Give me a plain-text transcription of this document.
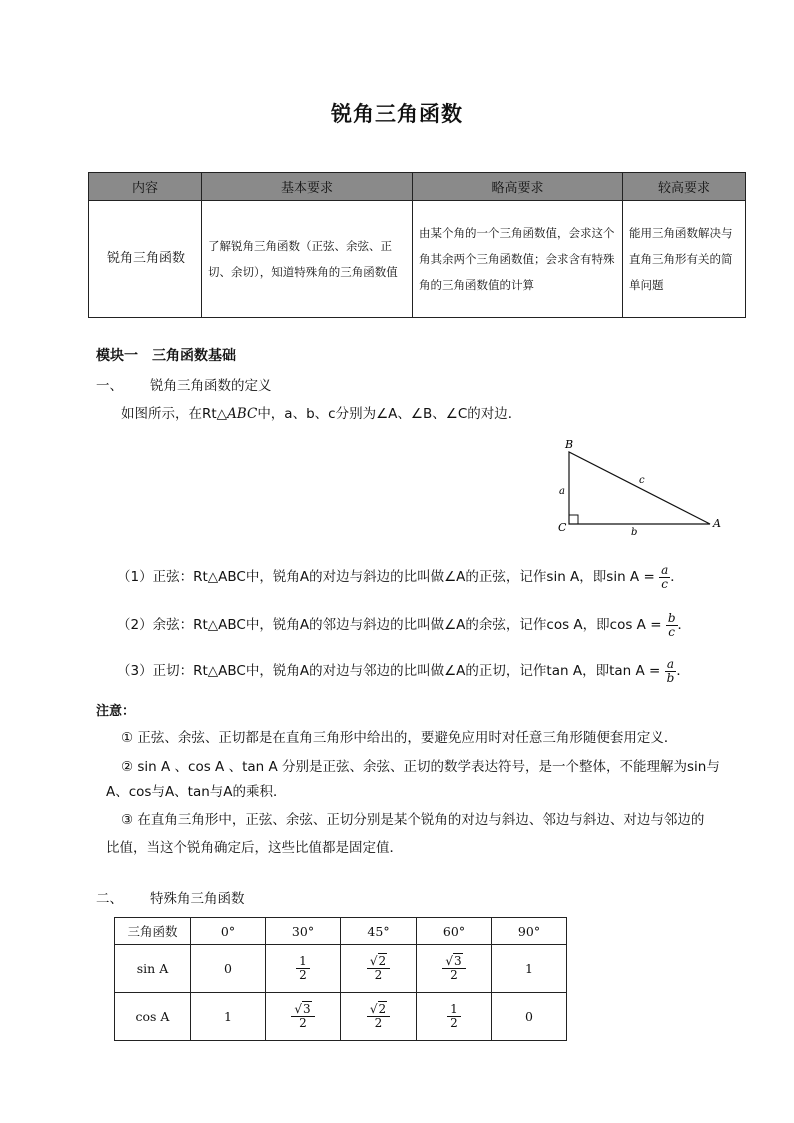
锐角三角函数
内容	基本要求	略高要求	较高要求
锐角三角函数	了解锐角三角函数（正弦、余弦、正切、余切），知道特殊角的三角函数值	由某个角的一个三角函数值，会求这个角其余两个三角函数值；会求含有特殊角的三角函数值的计算	能用三角函数解决与直角三角形有关的简单问题
模块一　三角函数基础
一、 锐角三角函数的定义
如图所示，在Rt△ABC中，a、b、c分别为∠A、∠B、∠C的对边．
B
A
C
a
b
c
（1）正弦：Rt△ABC中，锐角A的对边与斜边的比叫做∠A的正弦，记作sin A，即$\sin A = \frac{a}{c}$ ．
（2）余弦：Rt△ABC中，锐角A的邻边与斜边的比叫做∠A的余弦，记作cos A，即$\cos A = \frac{b}{c}$ ．
（3）正切：Rt△ABC中，锐角A的对边与邻边的比叫做∠A的正切，记作tan A，即$\tan A = \frac{a}{b}$ ．
注意：
① 正弦、余弦、正切都是在直角三角形中给出的，要避免应用时对任意三角形随便套用定义．
② sin A 、cos A 、tan A 分别是正弦、余弦、正切的数学表达符号，是一个整体，不能理解为sin与
A、cos与A、tan与A的乘积．
③ 在直角三角形中，正弦、余弦、正切分别是某个锐角的对边与斜边、邻边与斜边、对边与邻边的
比值，当这个锐角确定后，这些比值都是固定值．
二、 特殊角三角函数
三角函数	0°	30°	45°	60°	90°
sin A	0	$\frac{1}{2}$	$\frac{√2}{2}$	$\frac{√3}{2}$	1
cos A	1	$\frac{√3}{2}$	$\frac{√2}{2}$	$\frac{1}{2}$	0
